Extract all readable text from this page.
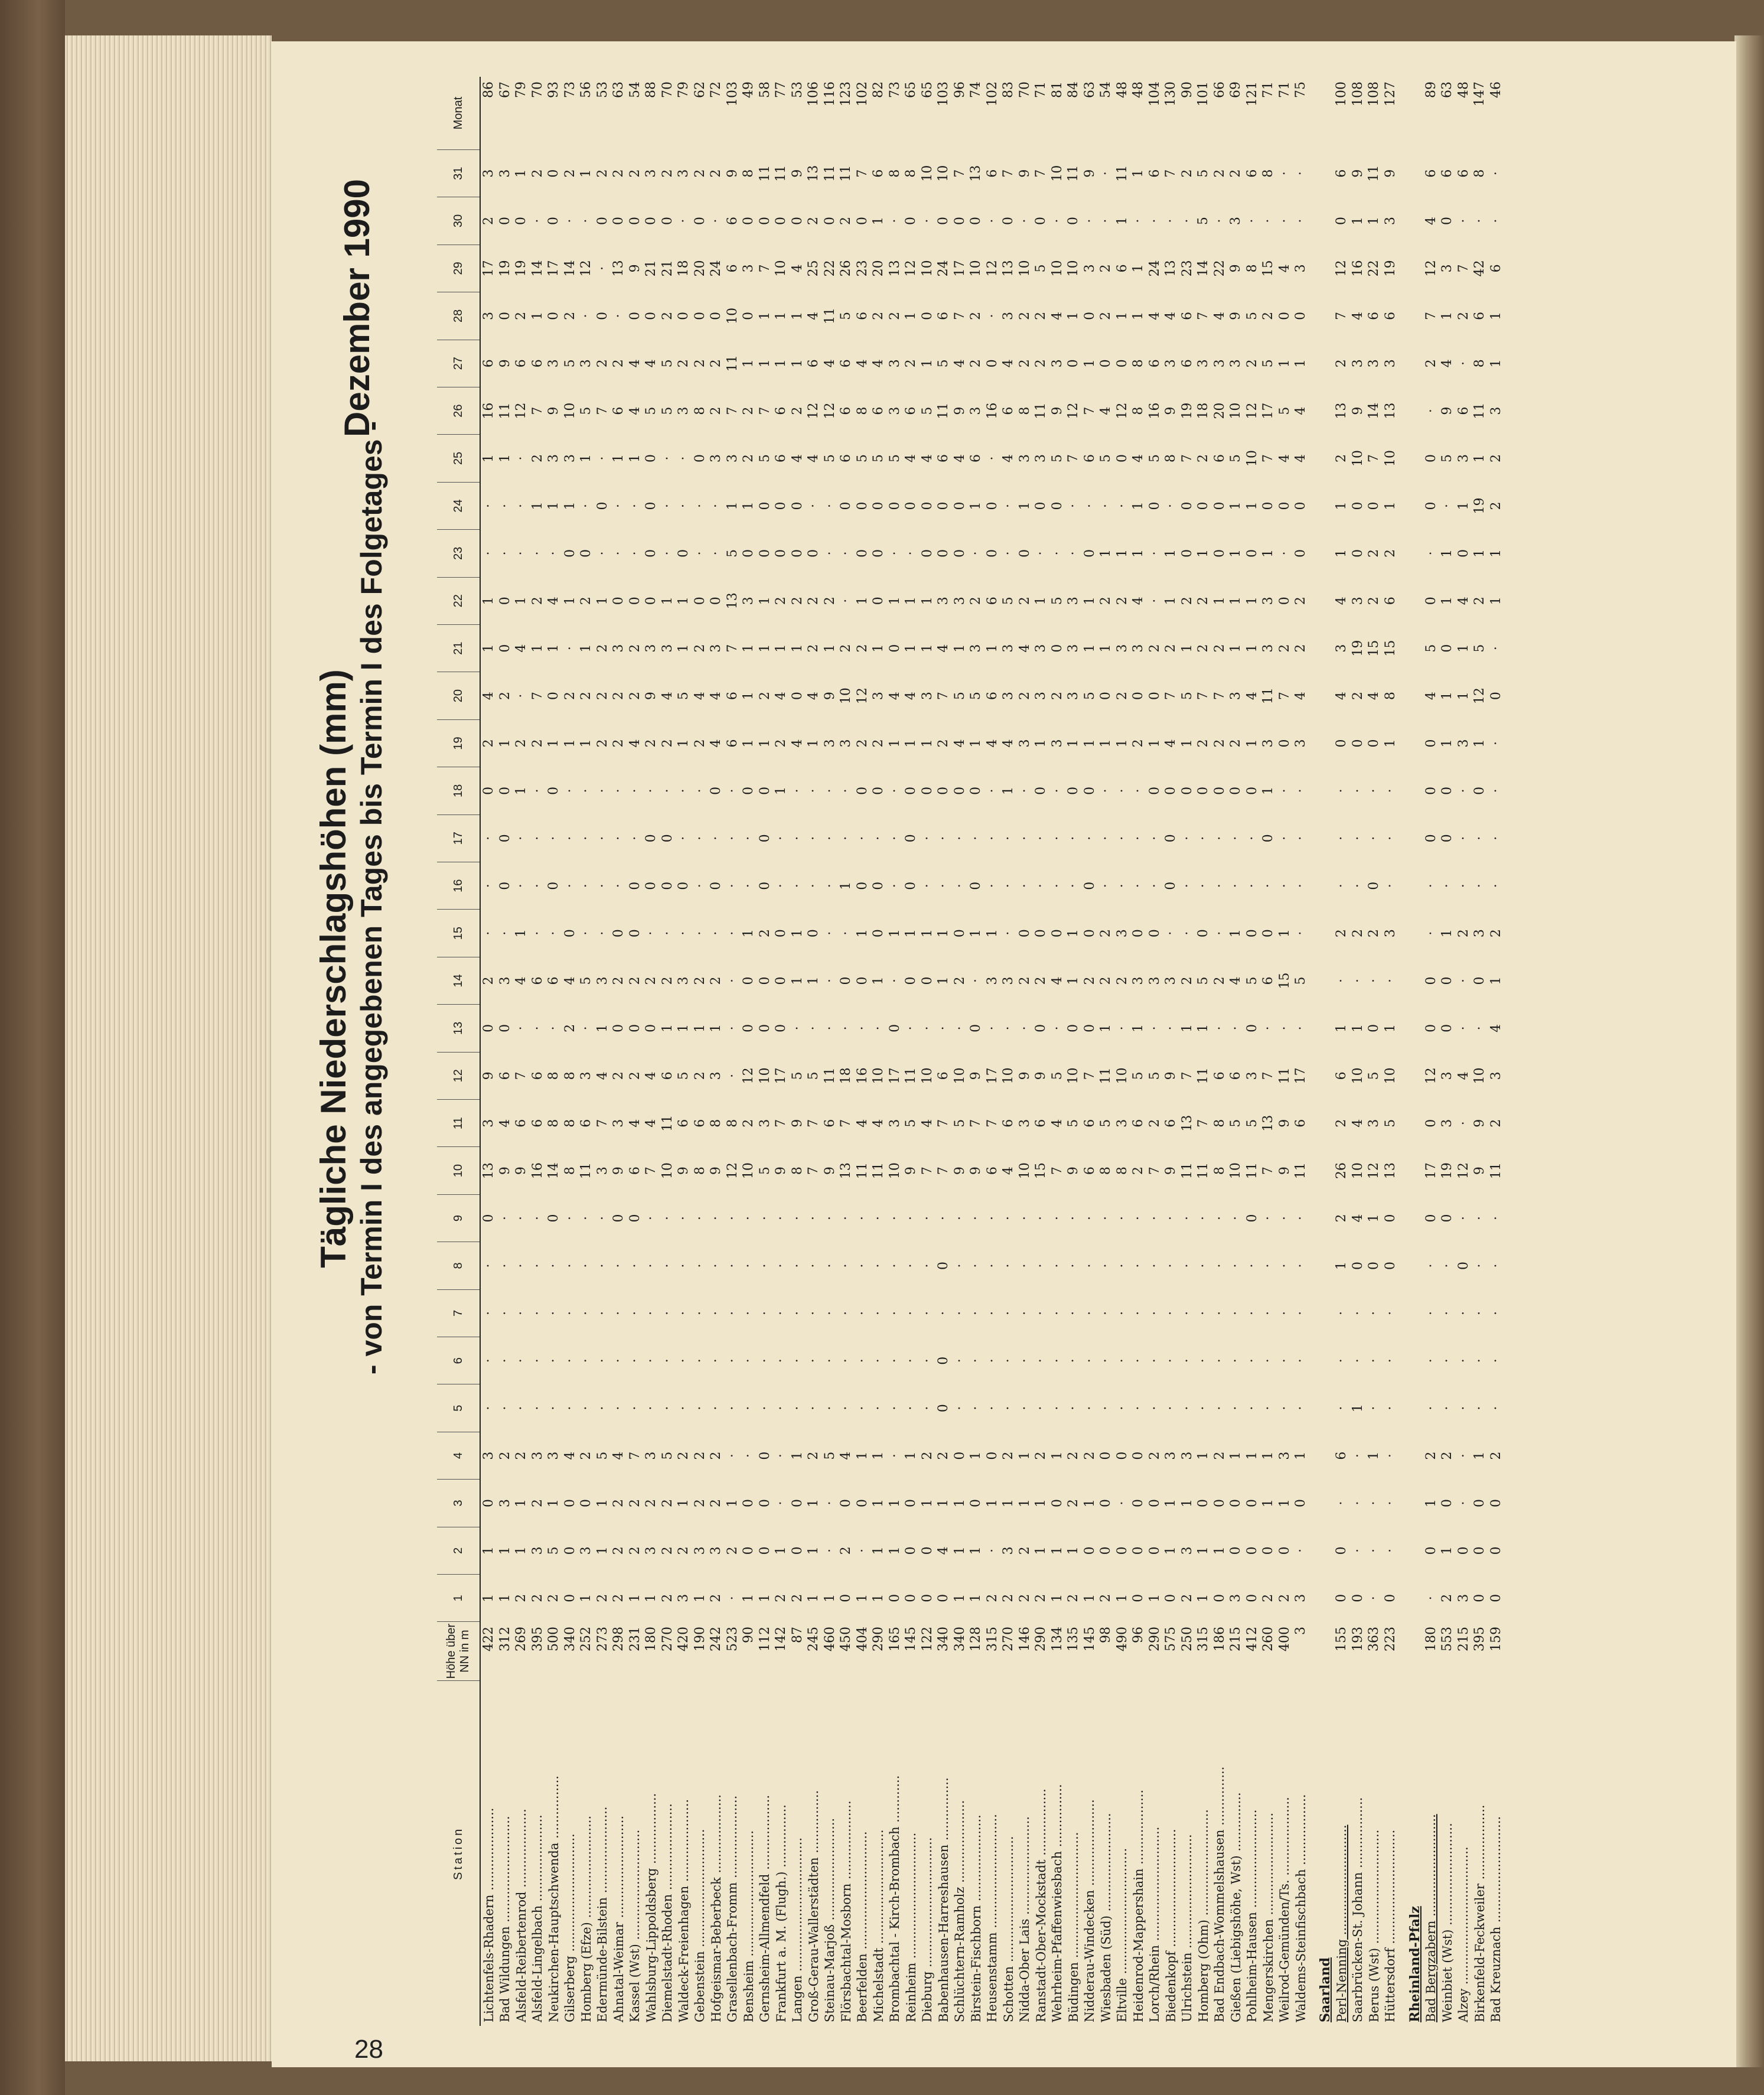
Tägliche Niederschlagshöhen (mm)
Dezember 1990
- von Termin I des angegebenen Tages bis Termin I des Folgetages -
Station	Höhe über NN in m	1	2	3	4	5	6	7	8	9	10	11	12	13	14	15	16	17	18	19	20	21	22	23	24	25	26	27	28	29	30	31	Monat
Lichtenfels-Rhadern .....................	422	1	1	0	3	·	·	·	·	0	13	3	9	0	2	·	·	·	0	2	4	1	1	·	·	1	16	6	3	17	2	3	86
Bad Wildungen ...........................	312	1	1	3	2	·	·	·	·	·	9	4	6	0	3	·	0	0	0	1	2	0	0	·	·	1	11	9	0	19	0	3	67
Alsfeld-Reibertenrod ....................	269	2	1	1	2	·	·	·	·	·	9	6	7	·	4	1	·	·	1	2	·	4	1	·	·	·	12	6	2	19	0	1	79
Alsfeld-Lingelbach ......................	395	2	3	2	3	·	·	·	·	·	16	6	6	·	6	·	·	·	·	2	7	1	2	·	1	2	7	6	1	14	·	2	70
Neukirchen-Hauptschwenda ................	500	2	5	1	3	·	·	·	·	0	14	8	8	·	6	·	0	·	0	1	0	1	4	·	1	3	9	3	0	17	0	0	93
Gilserberg ..............................	340	0	0	0	4	·	·	·	·	·	8	8	8	2	4	0	·	·	·	1	2	·	1	0	1	3	10	5	2	14	·	2	73
Homberg (Efze) ..........................	252	1	3	0	2	·	·	·	·	·	11	6	3	·	5	·	·	·	·	1	2	1	2	0	·	1	5	3	·	12	·	1	56
Edermünde-Bilstein ......................	273	2	1	1	5	·	·	·	·	·	3	7	4	1	3	·	·	·	·	2	2	2	1	·	0	·	7	2	0	·	0	2	53
Ahnatal-Weimar ..........................	298	2	2	2	4	·	·	·	·	0	9	3	2	0	2	0	·	·	·	2	2	3	0	·	·	1	6	2	·	13	0	2	63
Kassel (Wst) ............................	231	1	2	2	7	·	·	·	·	0	6	4	2	0	2	0	0	·	·	4	2	2	0	·	·	1	4	4	0	9	0	2	54
Wahlsburg-Lippoldsberg ..................	180	1	3	2	3	·	·	·	·	·	7	4	4	0	2	·	0	0	·	2	9	3	0	0	0	0	5	4	0	21	0	3	88
Diemelstadt-Rhoden ......................	270	2	2	2	5	·	·	·	·	·	10	11	6	1	2	·	0	0	·	2	4	3	1	·	·	·	5	5	2	21	0	2	70
Waldeck-Freienhagen .....................	420	3	2	1	2	·	·	·	·	·	9	6	5	1	3	·	0	·	·	1	5	1	1	0	·	·	3	2	0	18	·	3	79
Gebenstein ..............................	190	1	3	2	2	·	·	·	·	·	8	6	2	1	2	·	·	·	·	2	4	2	0	·	·	0	8	2	0	20	0	2	62
Hofgeismar-Beberbeck ....................	242	2	3	2	2	·	·	·	·	·	9	8	3	1	2	·	0	·	0	4	4	3	0	·	·	3	2	2	0	24	·	2	72
Grasellenbach-Fromm .....................	523	·	2	1	·	·	·	·	·	·	12	8	·	·	·	·	·	·	·	6	6	7	13	5	1	3	7	11	10	6	6	9	103
Bensheim ................................	90	1	0	0	·	·	·	·	·	·	10	2	12	0	0	1	·	·	0	1	1	1	3	0	1	2	2	1	0	3	0	8	49
Gernsheim-Allmendfeld ...................	112	1	0	0	0	·	·	·	·	·	5	3	10	0	0	2	0	0	0	1	2	1	1	0	0	5	7	1	1	7	0	11	58
Frankfurt a. M. (Flugh.) ................	142	2	1	·	·	·	·	·	·	·	9	7	17	0	0	0	·	·	1	2	4	1	2	0	0	6	6	1	1	10	0	11	77
Langen ..................................	87	2	0	0	1	·	·	·	·	·	8	9	5	·	1	1	·	·	·	4	0	1	2	0	0	4	2	1	1	4	0	9	53
Groß-Gerau-Wallerstädten ................	245	1	1	1	2	·	·	·	·	·	7	7	5	·	1	0	·	·	·	1	4	2	2	0	·	4	12	6	4	25	2	13	106
Steinau-Marjoß ..........................	460	1	·	·	5	·	·	·	·	·	9	6	11	·	·	·	·	·	·	3	9	1	2	·	·	5	12	4	11	22	0	11	116
Flörsbachtal-Mosborn ....................	450	0	2	0	4	·	·	·	·	·	13	7	18	·	0	·	1	·	·	3	10	2	·	·	0	6	6	6	5	26	2	11	123
Beerfelden ..............................	404	1	·	0	1	·	·	·	·	·	11	4	16	·	0	1	0	·	0	2	12	2	1	0	0	5	8	4	6	23	0	7	102
Michelstadt .............................	290	1	1	1	1	·	·	·	·	·	11	4	10	·	1	0	0	·	0	2	3	1	0	0	0	5	6	4	2	20	1	6	82
Brombachtal - Kirch-Brombach ............	165	0	1	1	·	·	·	·	·	·	10	3	17	0	·	1	·	·	·	1	4	0	1	·	0	5	3	3	2	13	·	8	73
Reinheim ................................	145	0	0	0	1	·	·	·	·	·	9	5	11	·	0	1	0	0	0	1	4	1	1	·	0	4	6	2	1	12	0	8	65
Dieburg .................................	122	0	0	1	2	·	·	·	·	·	7	4	10	·	0	1	·	·	0	1	3	1	1	0	0	4	5	1	0	10	·	10	65
Babenhausen-Harreshausen ................	340	0	4	1	2	0	0	·	0	·	7	7	6	·	1	1	·	·	0	2	7	4	3	0	0	6	11	5	6	24	0	10	103
Schlüchtern-Ramholz .....................	340	1	1	1	0	·	·	·	·	·	9	5	10	·	2	0	·	·	0	4	5	1	3	0	0	4	9	4	7	17	0	7	96
Birstein-Fischborn ......................	128	1	1	0	1	·	·	·	·	·	9	7	9	0	·	1	0	·	0	1	5	3	2	·	1	6	3	2	2	10	0	13	74
Heusenstamm .............................	315	2	·	1	0	·	·	·	·	·	6	7	17	·	3	1	·	·	·	4	6	1	6	0	0	·	16	0	·	12	·	6	102
Schotten ................................	270	2	3	1	2	·	·	·	·	·	4	6	10	·	3	·	·	·	1	4	3	3	5	·	·	4	6	4	3	13	0	7	83
Nidda-Ober Lais .........................	146	2	2	1	1	·	·	·	·	·	10	3	9	·	2	0	·	·	·	3	2	4	2	0	1	3	8	2	2	10	·	9	70
Ranstadt-Ober-Mockstadt .................	290	2	1	1	2	·	·	·	·	·	15	6	9	0	2	0	·	·	0	1	3	3	1	·	0	3	11	2	2	5	0	7	71
Wehrheim-Pfaffenwiesbach ................	134	1	1	0	1	·	·	·	·	·	7	4	5	·	4	0	·	·	·	3	2	0	5	·	0	5	9	3	4	10	·	10	81
Büdingen ................................	135	2	1	2	2	·	·	·	·	·	9	5	10	0	1	1	·	·	0	1	3	3	3	·	·	7	12	0	1	10	0	11	84
Nidderau-Windecken ......................	145	1	0	1	2	·	·	·	·	·	6	6	7	0	2	0	0	·	0	1	5	1	1	0	·	6	7	1	0	3	·	9	63
Wiesbaden (Süd) .........................	98	2	0	0	0	·	·	·	·	·	8	5	11	1	2	2	·	·	·	1	0	1	2	1	·	5	4	0	2	2	·	·	54
Eltville ................................	490	1	0	·	0	·	·	·	·	·	8	3	10	·	2	3	·	·	·	1	2	3	2	1	·	0	12	0	1	6	1	11	48
Heidenrod-Mappershain ...................	96	0	0	0	0	·	·	·	·	·	2	6	5	1	3	0	·	·	·	2	0	3	4	1	1	4	8	8	1	1	·	1	48
Lorch/Rhein .............................	290	1	0	0	2	·	·	·	·	·	7	2	5	·	3	0	·	·	0	1	0	2	·	·	0	5	16	6	4	24	·	6	104
Biedenkopf ..............................	575	0	1	1	3	·	·	·	·	·	9	6	9	·	3	·	0	0	0	4	7	2	1	1	·	8	9	3	4	13	·	7	130
Ulrichstein .............................	250	2	3	1	3	·	·	·	·	·	11	13	7	1	2	·	·	·	0	1	5	1	2	0	0	7	19	6	6	23	·	2	90
Homberg (Ohm) ...........................	315	1	1	0	1	·	·	·	·	·	11	7	11	1	5	0	·	·	0	2	7	2	2	1	0	2	18	3	7	14	5	5	101
Bad Endbach-Wommelshausen ...............	186	0	1	0	2	·	·	·	·	·	8	8	6	·	2	·	·	·	0	2	7	2	1	0	0	6	20	3	4	22	·	2	66
Gießen (Liebigshöhe, Wst) ...............	215	3	0	0	1	·	·	·	·	·	10	5	6	·	4	1	·	·	0	2	3	1	1	1	1	5	10	3	9	9	3	2	69
Pohlheim-Hausen .........................	412	0	0	0	1	·	·	·	·	0	11	5	3	0	5	0	·	·	0	1	4	1	1	0	1	10	12	2	5	8	·	6	121
Mengerskirchen ..........................	260	2	0	1	1	·	·	·	·	·	7	13	7	·	6	0	·	0	1	3	11	3	3	1	0	7	17	5	2	15	·	8	71
Weilrod-Gemünden/Ts. ....................	400	2	0	1	3	·	·	·	·	·	9	9	11	·	15	1	·	·	·	0	7	2	0	·	0	4	5	1	0	4	·	·	71
Waldems-Steinfischbach ..................	3	3	·	0	1	·	·	·	·	·	11	6	17	·	5	·	·	·	·	3	4	2	2	0	0	4	4	1	0	3	·	·	75
Saarland																																	
Perl-Nenning ............................	155	0	0	·	6	·	·	·	1	2	26	2	6	1	·	2	·	·	·	0	4	3	4	1	1	2	13	2	7	12	0	6	100
Saarbrücken-St. Johann ..................	193	0	·	·	·	1	·	·	0	4	10	4	10	1	·	2	·	·	·	0	2	19	3	0	0	10	9	3	4	16	1	9	108
Berus (Wst) .............................	363	·	·	·	1	·	·	·	0	1	12	3	5	0	·	2	0	·	·	0	4	15	2	2	0	7	14	3	6	22	1	11	108
Hüttersdorf .............................	223	0	·	·	·	·	·	·	0	0	13	5	10	1	·	3	·	·	·	1	8	15	6	2	1	10	13	3	6	19	3	9	127
Rheinland-Pfalz																																	
Bad Bergzabern ..........................	180	·	0	1	2	·	·	·	·	0	17	0	12	0	0	·	·	0	0	0	4	5	0	·	0	0	·	2	7	12	4	6	89
Weinbiet (Wst) ..........................	553	2	1	0	2	·	·	·	·	0	19	3	3	0	0	1	·	0	0	1	1	0	1	1	·	5	9	4	1	3	0	6	63
Alzey ...................................	215	3	0	·	·	·	·	·	0	·	12	·	4	·	·	2	·	·	·	3	1	1	4	0	1	3	6	·	2	7	·	6	48
Birkenfeld-Feckweiler ...................	395	0	0	0	1	·	·	·	·	·	9	9	10	·	0	3	·	·	0	1	12	5	2	1	19	1	11	8	6	42	·	8	147
Bad Kreuznach ...........................	159	0	0	0	2	·	·	·	·	·	11	2	3	4	1	2	·	·	·	·	0	·	1	1	2	2	3	1	1	6	·	·	46
28
